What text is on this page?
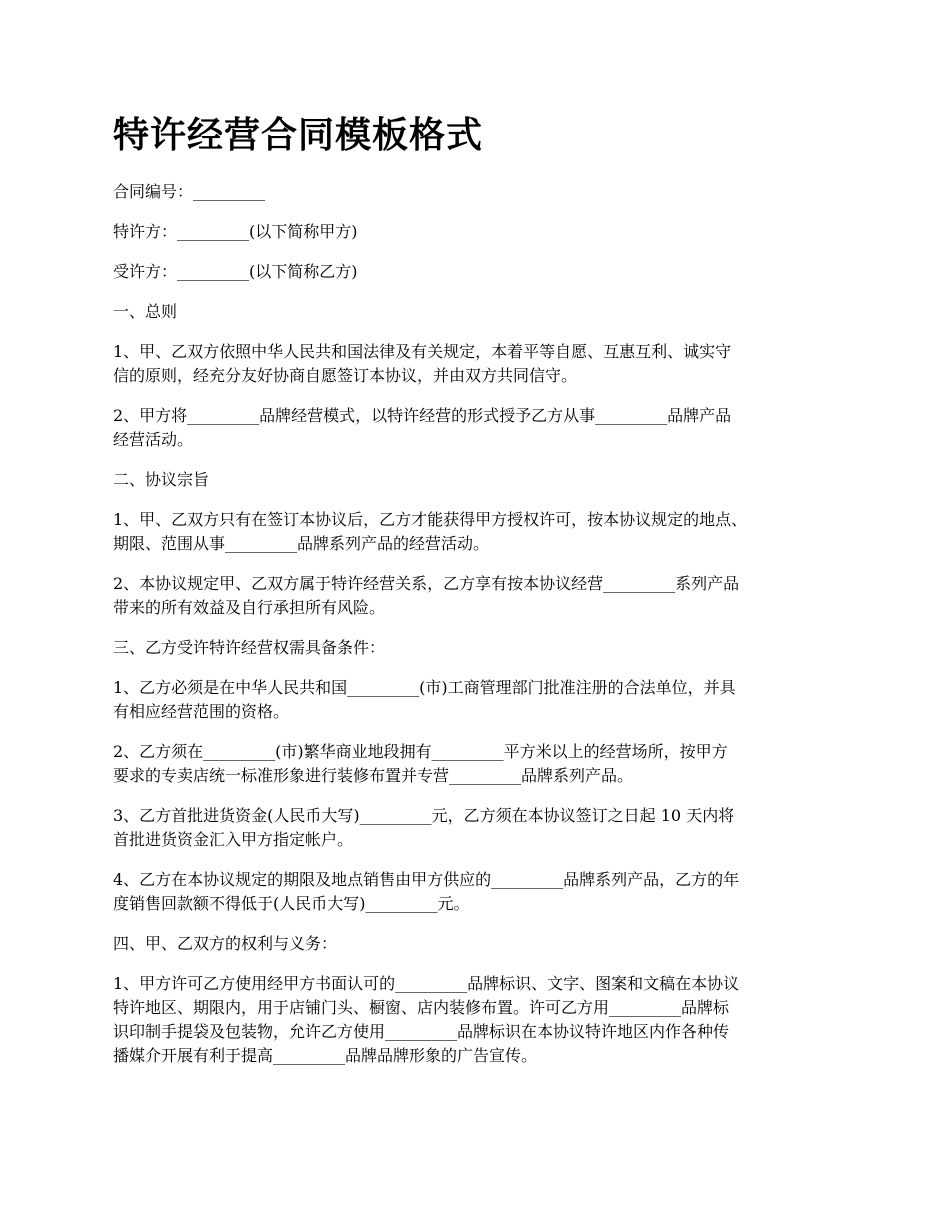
特许经营合同模板格式

合同编号：_________

特许方：_________(以下简称甲方)

受许方：_________(以下简称乙方)

一、总则

1、甲、乙双方依照中华人民共和国法律及有关规定，本着平等自愿、互惠互利、诚实守
信的原则，经充分友好协商自愿签订本协议，并由双方共同信守。

2、甲方将_________品牌经营模式，以特许经营的形式授予乙方从事_________品牌产品
经营活动。

二、协议宗旨

1、甲、乙双方只有在签订本协议后，乙方才能获得甲方授权许可，按本协议规定的地点、
期限、范围从事_________品牌系列产品的经营活动。

2、本协议规定甲、乙双方属于特许经营关系，乙方享有按本协议经营_________系列产品
带来的所有效益及自行承担所有风险。

三、乙方受许特许经营权需具备条件：

1、乙方必须是在中华人民共和国_________(市)工商管理部门批准注册的合法单位，并具
有相应经营范围的资格。

2、乙方须在_________(市)繁华商业地段拥有_________平方米以上的经营场所，按甲方
要求的专卖店统一标准形象进行装修布置并专营_________品牌系列产品。

3、乙方首批进货资金(人民币大写)_________元，乙方须在本协议签订之日起 10 天内将
首批进货资金汇入甲方指定帐户。

4、乙方在本协议规定的期限及地点销售由甲方供应的_________品牌系列产品，乙方的年
度销售回款额不得低于(人民币大写)_________元。

四、甲、乙双方的权利与义务：

1、甲方许可乙方使用经甲方书面认可的_________品牌标识、文字、图案和文稿在本协议
特许地区、期限内，用于店铺门头、橱窗、店内装修布置。许可乙方用_________品牌标
识印制手提袋及包装物，允许乙方使用_________品牌标识在本协议特许地区内作各种传
播媒介开展有利于提高_________品牌品牌形象的广告宣传。
